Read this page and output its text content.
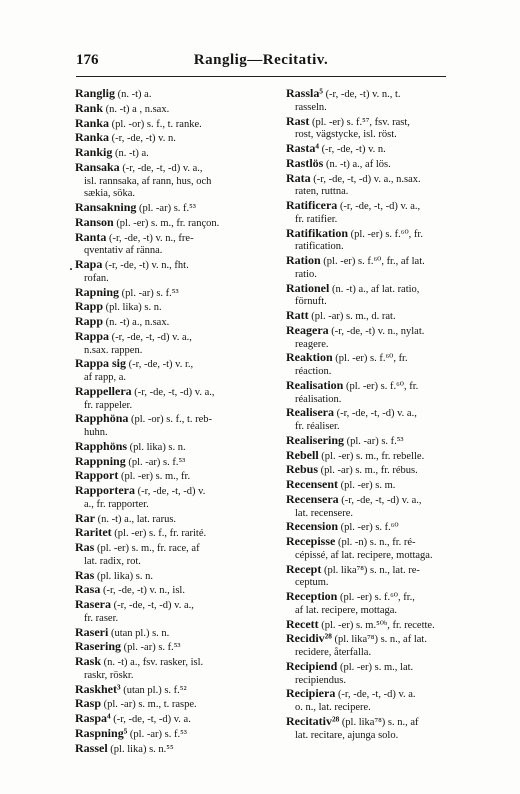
176	Ranglig—Recitativ.
·
Ranglig (n. -t) a.
Rank (n. -t) a , n.sax.
Ranka (pl. -or) s. f., t. ranke.
Ranka (-r, -de, -t) v. n.
Rankig (n. -t) a.
Ransaka (-r, -de, -t, -d) v. a.,
isl. rannsaka, af rann, hus, och
sækia, söka.
Ransakning (pl. -ar) s. f.⁵³
Ranson (pl. -er) s. m., fr. rançon.
Ranta (-r, -de, -t) v. n., fre-
qventativ af ränna.
Rapa (-r, -de, -t) v. n., fht.
rofan.
Rapning (pl. -ar) s. f.⁵³
Rapp (pl. lika) s. n.
Rapp (n. -t) a., n.sax.
Rappa (-r, -de, -t, -d) v. a.,
n.sax. rappen.
Rappa sig (-r, -de, -t) v. r.,
af rapp, a.
Rappellera (-r, -de, -t, -d) v. a.,
fr. rappeler.
Rapphöna (pl. -or) s. f., t. reb-
huhn.
Rapphöns (pl. lika) s. n.
Rappning (pl. -ar) s. f.⁵³
Rapport (pl. -er) s. m., fr.
Rapportera (-r, -de, -t, -d) v.
a., fr. rapporter.
Rar (n. -t) a., lat. rarus.
Raritet (pl. -er) s. f., fr. rarité.
Ras (pl. -er) s. m., fr. race, af
lat. radix, rot.
Ras (pl. lika) s. n.
Rasa (-r, -de, -t) v. n., isl.
Rasera (-r, -de, -t, -d) v. a.,
fr. raser.
Raseri (utan pl.) s. n.
Rasering (pl. -ar) s. f.⁵³
Rask (n. -t) a., fsv. rasker, isl.
raskr, röskr.
Raskhet³ (utan pl.) s. f.⁵²
Rasp (pl. -ar) s. m., t. raspe.
Raspa⁴ (-r, -de, -t, -d) v. a.
Raspning⁵ (pl. -ar) s. f.⁵³
Rassel (pl. lika) s. n.⁵⁵
Rassla⁵ (-r, -de, -t) v. n., t.
rasseln.
Rast (pl. -er) s. f.⁵⁷, fsv. rast,
rost, vägstycke, isl. röst.
Rasta⁴ (-r, -de, -t) v. n.
Rastlös (n. -t) a., af lös.
Rata (-r, -de, -t, -d) v. a., n.sax.
raten, ruttna.
Ratificera (-r, -de, -t, -d) v. a.,
fr. ratifier.
Ratifikation (pl. -er) s. f.⁶⁰, fr.
ratification.
Ration (pl. -er) s. f.⁶⁰, fr., af lat.
ratio.
Rationel (n. -t) a., af lat. ratio,
förnuft.
Ratt (pl. -ar) s. m., d. rat.
Reagera (-r, -de, -t) v. n., nylat.
reagere.
Reaktion (pl. -er) s. f.⁶⁰, fr.
réaction.
Realisation (pl. -er) s. f.⁶⁰, fr.
réalisation.
Realisera (-r, -de, -t, -d) v. a.,
fr. réaliser.
Realisering (pl. -ar) s. f.⁵³
Rebell (pl. -er) s. m., fr. rebelle.
Rebus (pl. -ar) s. m., fr. rébus.
Recensent (pl. -er) s. m.
Recensera (-r, -de, -t, -d) v. a.,
lat. recensere.
Recension (pl. -er) s. f.⁶⁰
Recepisse (pl. -n) s. n., fr. ré-
cépissé, af lat. recipere, mottaga.
Recept (pl. lika⁷⁸) s. n., lat. re-
ceptum.
Reception (pl. -er) s. f.⁶⁰, fr.,
af lat. recipere, mottaga.
Recett (pl. -er) s. m.⁵⁰ᵇ, fr. recette.
Recidiv²⁸ (pl. lika⁷⁸) s. n., af lat.
recidere, återfalla.
Recipiend (pl. -er) s. m., lat.
recipiendus.
Recipiera (-r, -de, -t, -d) v. a.
o. n., lat. recipere.
Recitativ²⁸ (pl. lika⁷⁸) s. n., af
lat. recitare, ajunga solo.
